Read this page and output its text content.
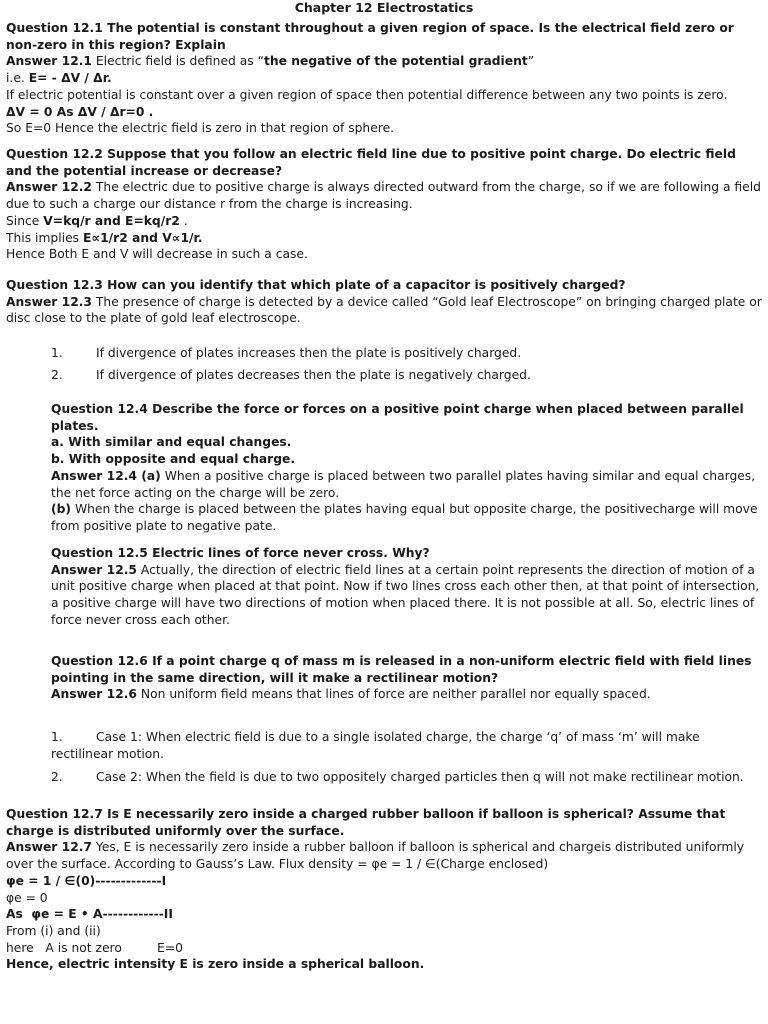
Chapter 12 Electrostatics

Question 12.1 The potential is constant throughout a given region of space. Is the electrical field zero or non-zero in this region? Explain

Answer 12.1 Electric field is defined as “the negative of the potential gradient”

i.e. E= - ΔV / Δr.

If electric potential is constant over a given region of space then potential difference between any two points is zero.

ΔV = 0 As ΔV / Δr=0 .

So E=0 Hence the electric field is zero in that region of sphere.

Question 12.2 Suppose that you follow an electric field line due to positive point charge. Do electric field and the potential increase or decrease?

Answer 12.2 The electric due to positive charge is always directed outward from the charge, so if we are following a field due to such a charge our distance r from the charge is increasing.

Since V=kq/r and E=kq/r2 .

This implies E∝1/r2 and V∝1/r.

Hence Both E and V will decrease in such a case.

Question 12.3 How can you identify that which plate of a capacitor is positively charged?

Answer 12.3 The presence of charge is detected by a device called “Gold leaf Electroscope” on bringing charged plate or disc close to the plate of gold leaf electroscope.

1.	If divergence of plates increases then the plate is positively charged.
2.	If divergence of plates decreases then the plate is negatively charged.

Question 12.4 Describe the force or forces on a positive point charge when placed between parallel plates.

a. With similar and equal changes.

b. With opposite and equal charge.

Answer 12.4 (a) When a positive charge is placed between two parallel plates having similar and equal charges, the net force acting on the charge will be zero.

(b) When the charge is placed between the plates having equal but opposite charge, the positivecharge will move from positive plate to negative pate.

Question 12.5 Electric lines of force never cross. Why?

Answer 12.5 Actually, the direction of electric field lines at a certain point represents the direction of motion of a unit positive charge when placed at that point. Now if two lines cross each other then, at that point of intersection, a positive charge will have two directions of motion when placed there. It is not possible at all. So, electric lines of force never cross each other.

Question 12.6 If a point charge q of mass m is released in a non-uniform electric field with field lines pointing in the same direction, will it make a rectilinear motion?

Answer 12.6 Non uniform field means that lines of force are neither parallel nor equally spaced.

1.	Case 1: When electric field is due to a single isolated charge, the charge ‘q’ of mass ‘m’ will make rectilinear motion.
2.	Case 2: When the field is due to two oppositely charged particles then q will not make rectilinear motion.

Question 12.7 Is E necessarily zero inside a charged rubber balloon if balloon is spherical? Assume that charge is distributed uniformly over the surface.

Answer 12.7 Yes, E is necessarily zero inside a rubber balloon if balloon is spherical and chargeis distributed uniformly over the surface. According to Gauss’s Law. Flux density = φe = 1 / ∈(Charge enclosed)

φe = 1 / ∈(0)-------------I

φe = 0

As  φe = E • A------------II

From (i) and (ii)

here   A is not zero         E=0

Hence, electric intensity E is zero inside a spherical balloon.
